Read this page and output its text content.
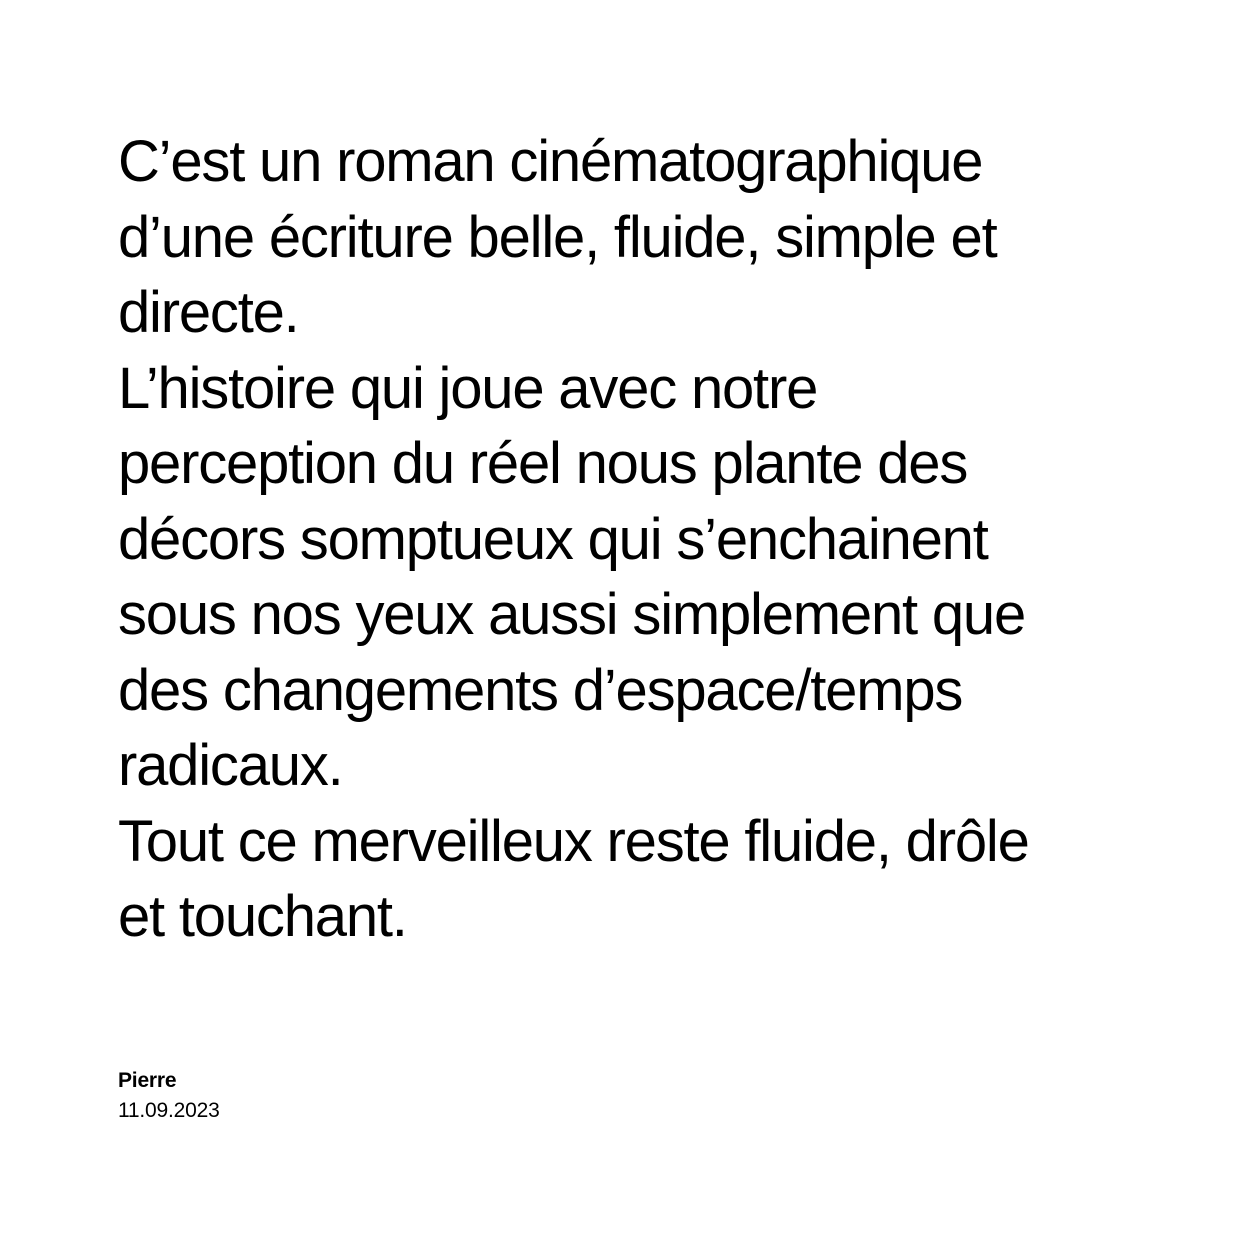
C’est un roman cinématographique
d’une écriture belle, fluide, simple et
directe.
L’histoire qui joue avec notre
perception du réel nous plante des
décors somptueux qui s’enchainent
sous nos yeux aussi simplement que
des changements d’espace/temps
radicaux.
Tout ce merveilleux reste fluide, drôle
et touchant.

Pierre
11.09.2023
